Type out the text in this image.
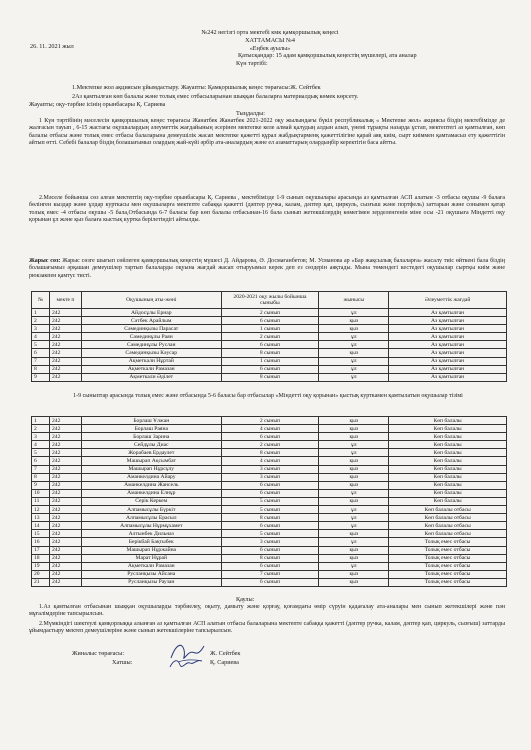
№242 негізгі орта мектебі кмк қамқоршылық кеңесі
ХАТТАМАСЫ №4
26. 11. 2021 жыл	«Еңбек ауылы»
Қатысқандар: 15 адам қамқоршылық кеңестің мүшелері, ата аналар
Күн тәртібі:
1.Мектепке жол ақциясын ұйымдастыру. Жауапты: Қамқоршылық кеңес төрағасы:Ж. Сейтбек
2Аз қамтылған көп балалы және толық емес отбасыларынан шыққан балаларға материалдық көмек көрсету.
Жауапты; оқу-тәрбие ісінің орынбасары Қ. Сариева
Тыңдалды:
1 Күн тәртібінің мәселесін қамқоршылық кеңес төрағасы Жанатбек Жанатбек 2021-2022 оқу жылындағы бүкіл республикалық « Мектепке жол» акциясы біздің мектебімізде де жалғасын тауып , 6-15 жастағы оқушылардың әлеуметтік жағдайының әсерінен мектепке келе алмай қалудың алдын алып, үнемі тұрақты назарда ұстап, мектептегі аз қамтылған, көп балалы отбасы және толық емес отбасы балаларына демеушілік жасап мектепке қажетті құрал жабдықтарменқ қажеттілігіне қарай аяқ киім, сырт киіммен қамтамасыз ету қажеттігін айтып өтті. Себебі балалар біздің болашағымыз олардың жай-күйі әрбір ата-аналардың және ел азаматтарың олардыңбір керектігін баса айтты.
2.Мәселе бойынша сөз алған мектептің оқу-тәрбие орынбасары Қ. Сариева , мектебімізде 1-9 сынып оқушылары арасында аз қамтылған АСП алатын -3 отбасы оқушы -9 балаға бөлінген кыздар және ұлдар курткасы мен оқушыларға мектепте сабаққа қажетті (дәптер ручка, калам, дәптер қап, циркуль, сызғыш және портфель) заттарын және сонымен қатар толық емес -4 отбасы оқушы -5 бала,Отбасында 6-7 баласы бар көп балалы отбасынан-16 бала сынып жетекшілердің көмегімен зерделенгенін міне осы -21 оқушыға Міндетті оқу қорынан ұл және қыз балаға кыстық куртка берілетіндігі айтылды.
Жарыс сөз: Жарыс сөзге шығып сөйлеген қамқоршылық кеңестің мүшесі Д. Айдарова, Ә. Досмағанбетов; М. Усманова ар «Бар жақсылық балаларға» жасалу тиіс өйткені бала біздің болашағымыз әрқашан демеушілер тартып балаларды оқуына жағдай жасап отыруымыз керек деп ез сөздерін аяқтады. Мына төмендегі кестедегі оқушылар сыртқы киім және рюкзакпен қамтус тисті.
№	мекте п	Оқушының аты-жөні	2020-2021 оқу жылы бойынша сыныбы	жынысы	Әлеуметтік жағдай
1	242	Айдосұлы Ернар	2 сынып	ұл	Аз қамтылған
2	242	Сәтбек Арайлым	6 сынып	қыз	Аз қамтылған
3	242	Сәмединқызы Парасат	1 сынып	қыз	Аз қамтылған
4	242	Сәмединұлы Раян	2 сынып	ұл	Аз қамтылған
5	242	Сәмединұлы Руслан	6 сынып	ұл	Аз қамтылған
6	242	Сәмединқызы Кәусар	8 сынып	қыз	Аз қамтылған
7	242	Ақметкали Нұртай	1 сынып	ұл	Аз қамтылған
8	242	Ақметкали Рамазан	6 сынып	ұл	Аз қамтылған
9	242	Ақметкали Әділет	8 сынып	ұл	Аз қамтылған
1-9 сыныптар арасында толық емес және отбасында 5-6 баласы бар отбасылар «Міндетті оқу қорынан» қыстық курткамен қамтылатын оқушылар тізімі
1	242	Борлаш Ұлжан	2 сынып	қыз	Көп балалы
2	242	Борлаш Раяна	4 сынып	қыз	Көп балалы
3	242	Борлаш Зарина	6 сынып	қыз	Көп балалы
4	242	Сейдұлы Диас	2 сынып	ұл	Көп балалы
5	242	Жорабаев Ердаулет	8 сынып	ұл	Көп балалы
6	242	Машырап Ақсымбат	4 сынып	қыз	Көп балалы
7	242	Машырап Нұрсұлу	3 сынып	қыз	Көп балалы
8	242	Аманкелдина Айару	3 сынып	қыз	Көп балалы
9	242	Аманкелдина Жансель	6 сынып	қыз	Көп балалы
10	242	Аманкелдина Елнұр	6 сынып	ұл	Көп балалы
11	242	Серік Керкем	5 сынып	қыз	Көп балалы
12	242	Алпамысұлы Бүркіт	5 сынып	ұл	Көп балалы отбасы
13	242	Алпамысұлы Ерасыл	8 сынып	ұл	Көп балалы отбасы
14	242	Алпамысұлы Нұрмұхамет	6 сынып	ұл	Көп балалы отбасы
15	242	Алтынбек Дильназ	5 сынып	қыз	Көп балалы отбасы
16	242	Берікбай Бақтыбек	3 сынып	ұл	Толық емес отбасы
17	242	Машырап Нұржайна	6 сынып	қыз	Толық емес отбасы
18	242	Марат Нұрай	8 сынып	қыз	Толық емес отбасы
19	242	Ақметкали Рамазан	6 сынып	ұл	Толық емес отбасы
20	242	Русланқызы Айсана	7 сынып	қыз	Толық емес отбасы
21	242	Русланқызы Раузан	6 сынып	қыз	Толық емес отбасы
Қаулы:
1.Аз қамтылған отбасынан шыққан оқушыларды тәрбиелеу, оқыту, дамыту және қорғау, қоғамдағы өмір сүруін қадағалау ата-аналары мен сынып жетекшілері және пән мұғалімдеріне тапсырылсын.
2.Мүмкіндігі шектеулі қамқорлыққа алынған аз қамтылған АСП алатын отбасы балаларына мектепте сабаққа қажетті (дәптер ручка, калам, дәптер қап, циркуль, сызғыш) заттарды ұйымдастыру мектеп демеушілеріне және сынып жетекшілеріне тапсырылсын.
Жиналыс төрағасы:	Ж. Сейтбек
Хатшы:	Қ. Сариева
